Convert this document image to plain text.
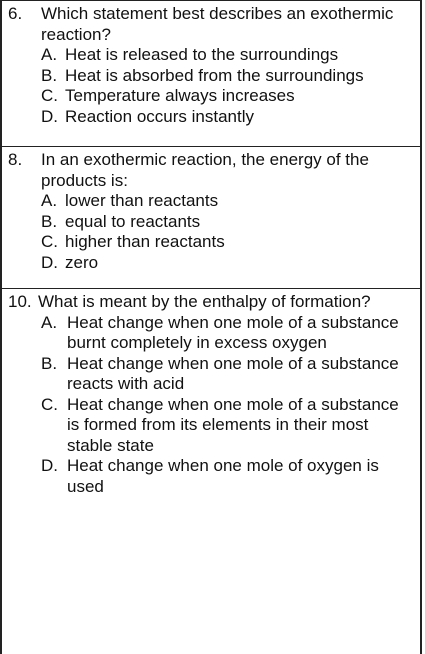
6.	Which statement best describes an exothermic reaction?
A. Heat is released to the surroundings
B. Heat is absorbed from the surroundings
C. Temperature always increases
D. Reaction occurs instantly
8.	In an exothermic reaction, the energy of the products is:
A. lower than reactants
B. equal to reactants
C. higher than reactants
D. zero
10. What is meant by the enthalpy of formation?
A. Heat change when one mole of a substance burnt completely in excess oxygen
B. Heat change when one mole of a substance reacts with acid
C. Heat change when one mole of a substance is formed from its elements in their most stable state
D. Heat change when one mole of oxygen is used
